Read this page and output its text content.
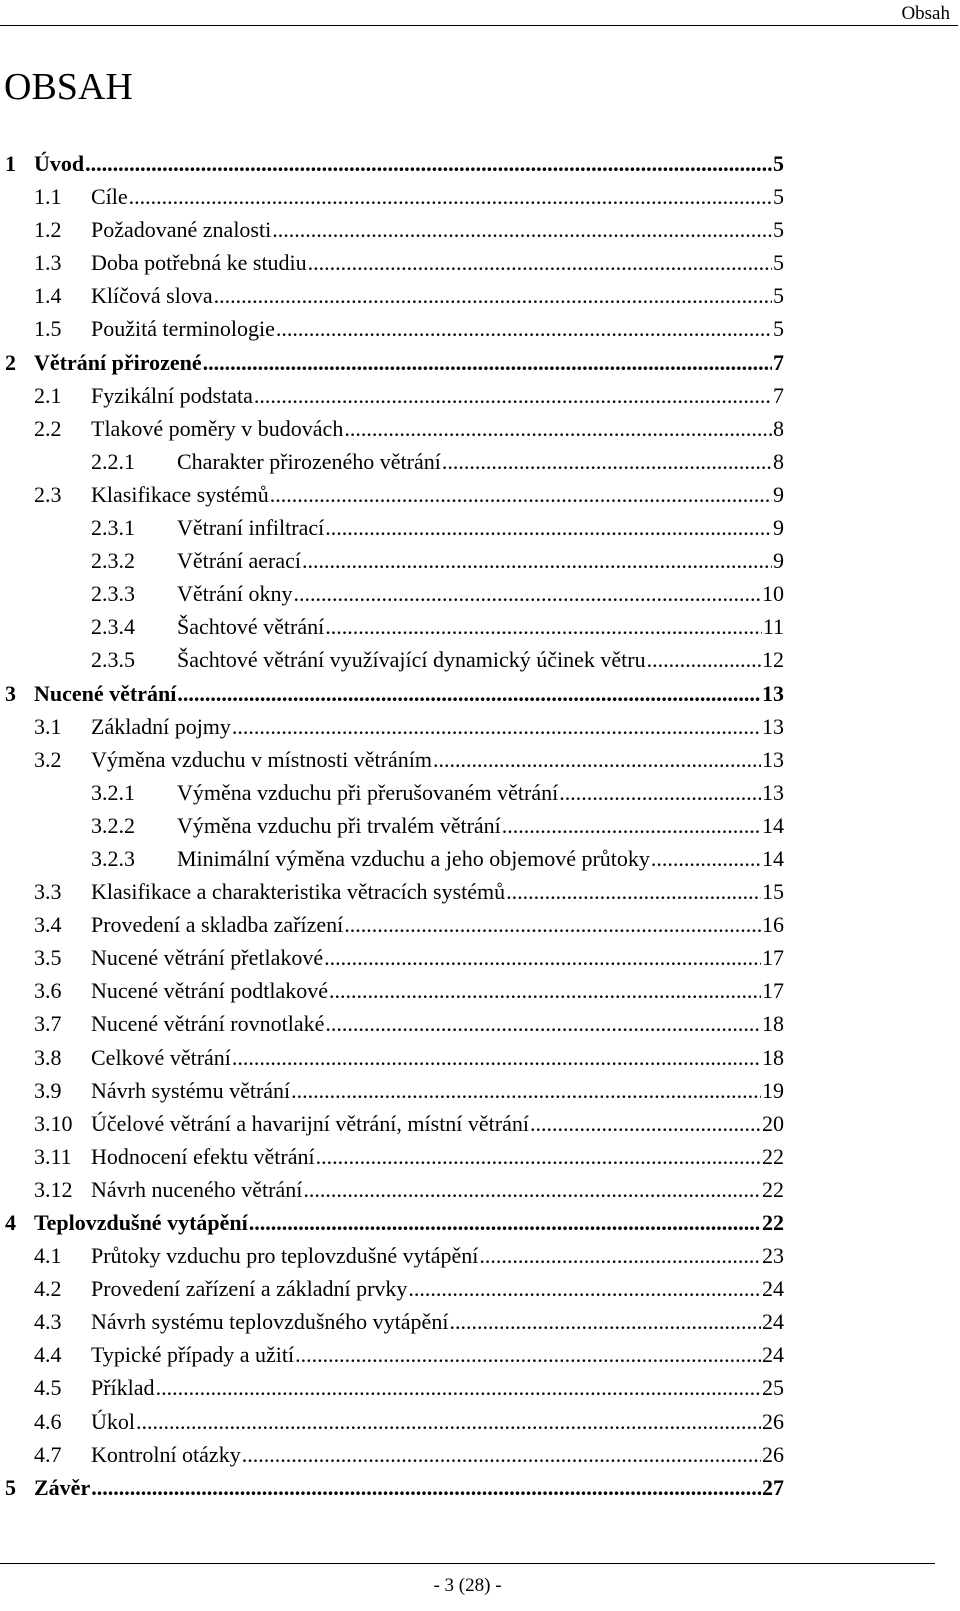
Obsah
OBSAH
1 Úvod .....	5
1.1 Cíle .....	5
1.2 Požadované znalosti .....	5
1.3 Doba potřebná ke studiu .....	5
1.4 Klíčová slova .....	5
1.5 Použitá terminologie .....	5
2 Větrání přirozené .....	7
2.1 Fyzikální podstata .....	7
2.2 Tlakové poměry v budovách .....	8
2.2.1 Charakter přirozeného větrání .....	8
2.3 Klasifikace systémů .....	9
2.3.1 Větraní infiltrací .....	9
2.3.2 Větrání aerací .....	9
2.3.3 Větrání okny .....	10
2.3.4 Šachtové větrání .....	11
2.3.5 Šachtové větrání využívající dynamický účinek větru .....	12
3 Nucené větrání .....	13
3.1 Základní pojmy .....	13
3.2 Výměna vzduchu v místnosti větráním .....	13
3.2.1 Výměna vzduchu při přerušovaném větrání .....	13
3.2.2 Výměna vzduchu při trvalém větrání .....	14
3.2.3 Minimální výměna vzduchu a jeho objemové průtoky .....	14
3.3 Klasifikace a charakteristika větracích systémů .....	15
3.4 Provedení a skladba zařízení .....	16
3.5 Nucené větrání přetlakové .....	17
3.6 Nucené větrání podtlakové .....	17
3.7 Nucené větrání rovnotlaké .....	18
3.8 Celkové větrání .....	18
3.9 Návrh systému větrání .....	19
3.10 Účelové větrání a havarijní větrání, místní větrání .....	20
3.11 Hodnocení efektu větrání .....	22
3.12 Návrh nuceného větrání .....	22
4 Teplovzdušné vytápění .....	22
4.1 Průtoky vzduchu pro teplovzdušné vytápění .....	23
4.2 Provedení zařízení a základní prvky .....	24
4.3 Návrh systému teplovzdušného vytápění .....	24
4.4 Typické případy a užití .....	24
4.5 Příklad .....	25
4.6 Úkol .....	26
4.7 Kontrolní otázky .....	26
5 Závěr .....	27
- 3 (28) -
